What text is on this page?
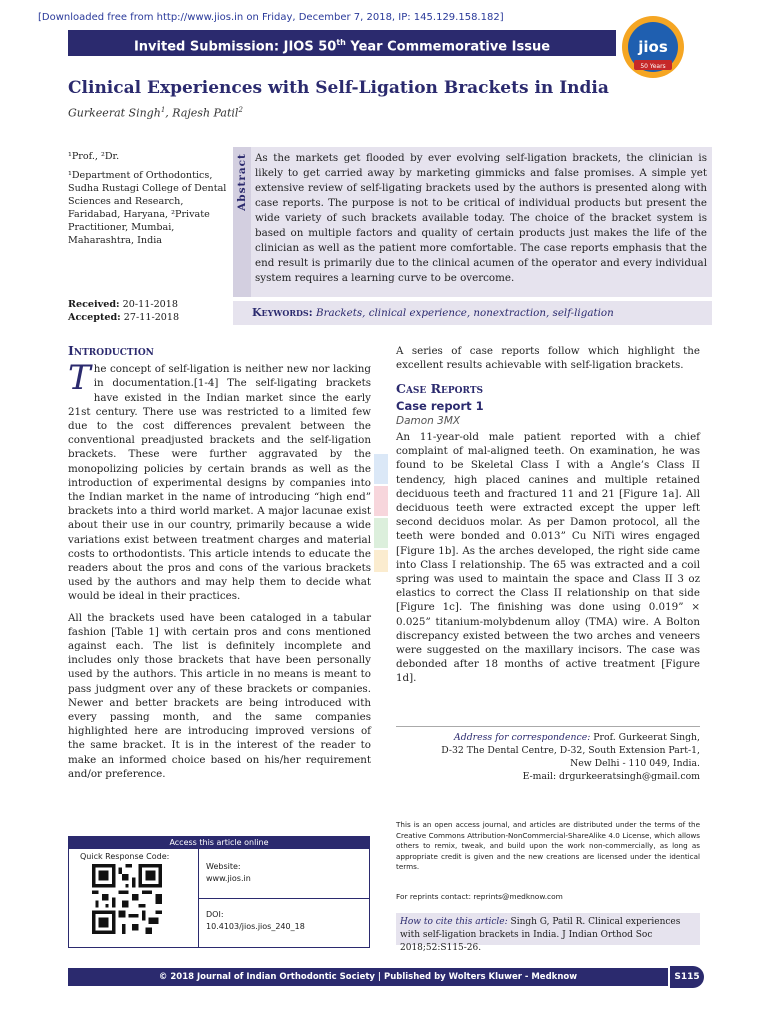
[Downloaded free from http://www.jios.in on Friday, December 7, 2018, IP: 145.129.158.182]
Invited Submission: JIOS 50th Year Commemorative Issue	jios
50 Years
Clinical Experiences with Self-Ligation Brackets in India
Gurkeerat Singh$^1$, Rajesh Patil$^2$

¹Prof., ²Dr.

¹Department of Orthodontics, Sudha Rustagi College of Dental Sciences and Research, Faridabad, Haryana, ²Private Practitioner, Mumbai, Maharashtra, India

Received: 20-11-2018
Accepted: 27-11-2018
Abstract As the markets get flooded by ever evolving self-ligation brackets, the clinician is likely to get carried away by marketing gimmicks and false promises. A simple yet extensive review of self-ligating brackets used by the authors is presented along with case reports. The purpose is not to be critical of individual products but present the wide variety of such brackets available today. The choice of the bracket system is based on multiple factors and quality of certain products just makes the life of the clinician as well as the patient more comfortable. The case reports emphasis that the end result is primarily due to the clinical acumen of the operator and every individual system requires a learning curve to be overcome.
Keywords: Brackets, clinical experience, nonextraction, self-ligation
Introduction

The concept of self-ligation is neither new nor lacking in documentation.[1-4] The self-ligating brackets have existed in the Indian market since the early 21st century. There use was restricted to a limited few due to the cost differences prevalent between the conventional preadjusted brackets and the self-ligation brackets. These were further aggravated by the monopolizing policies by certain brands as well as the introduction of experimental designs by companies into the Indian market in the name of introducing “high end” brackets into a third world market. A major lacunae exist about their use in our country, primarily because a wide variations exist between treatment charges and material costs to orthodontists. This article intends to educate the readers about the pros and cons of the various brackets used by the authors and may help them to decide what would be ideal in their practices.

All the brackets used have been cataloged in a tabular fashion [Table 1] with certain pros and cons mentioned against each. The list is definitely incomplete and includes only those brackets that have been personally used by the authors. This article in no means is meant to pass judgment over any of these brackets or companies. Newer and better brackets are being introduced with every passing month, and the same companies highlighted here are introducing improved versions of the same bracket. It is in the interest of the reader to make an informed choice based on his/her requirement and/or preference.

A series of case reports follow which highlight the excellent results achievable with self-ligation brackets.

Case Reports
Case report 1
Damon 3MX

An 11-year-old male patient reported with a chief complaint of mal-aligned teeth. On examination, he was found to be Skeletal Class I with a Angle’s Class II tendency, high placed canines and multiple retained deciduous teeth and fractured 11 and 21 [Figure 1a]. All deciduous teeth were extracted except the upper left second deciduos molar. As per Damon protocol, all the teeth were bonded and 0.013” Cu NiTi wires engaged [Figure 1b]. As the arches developed, the right side came into Class I relationship. The 65 was extracted and a coil spring was used to maintain the space and Class II 3 oz elastics to correct the Class II relationship on that side [Figure 1c]. The finishing was done using 0.019” × 0.025” titanium-molybdenum alloy (TMA) wire. A Bolton discrepancy existed between the two arches and veneers were suggested on the maxillary incisors. The case was debonded after 18 months of active treatment [Figure 1d].

Address for correspondence: Prof. Gurkeerat Singh,
D-32 The Dental Centre, D-32, South Extension Part-1,
New Delhi - 110 049, India.
E-mail: drgurkeeratsingh@gmail.com
This is an open access journal, and articles are distributed under the terms of the Creative Commons Attribution-NonCommercial-ShareAlike 4.0 License, which allows others to remix, tweak, and build upon the work non-commercially, as long as appropriate credit is given and the new creations are licensed under the identical terms.
For reprints contact: reprints@medknow.com
How to cite this article: Singh G, Patil R. Clinical experiences with self-ligation brackets in India. J Indian Orthod Soc 2018;52:S115-26.
Access this article online
Quick Response Code:
Website:
www.jios.in
DOI:
10.4103/jios.jios_240_18
© 2018 Journal of Indian Orthodontic Society | Published by Wolters Kluwer - Medknow	S115
